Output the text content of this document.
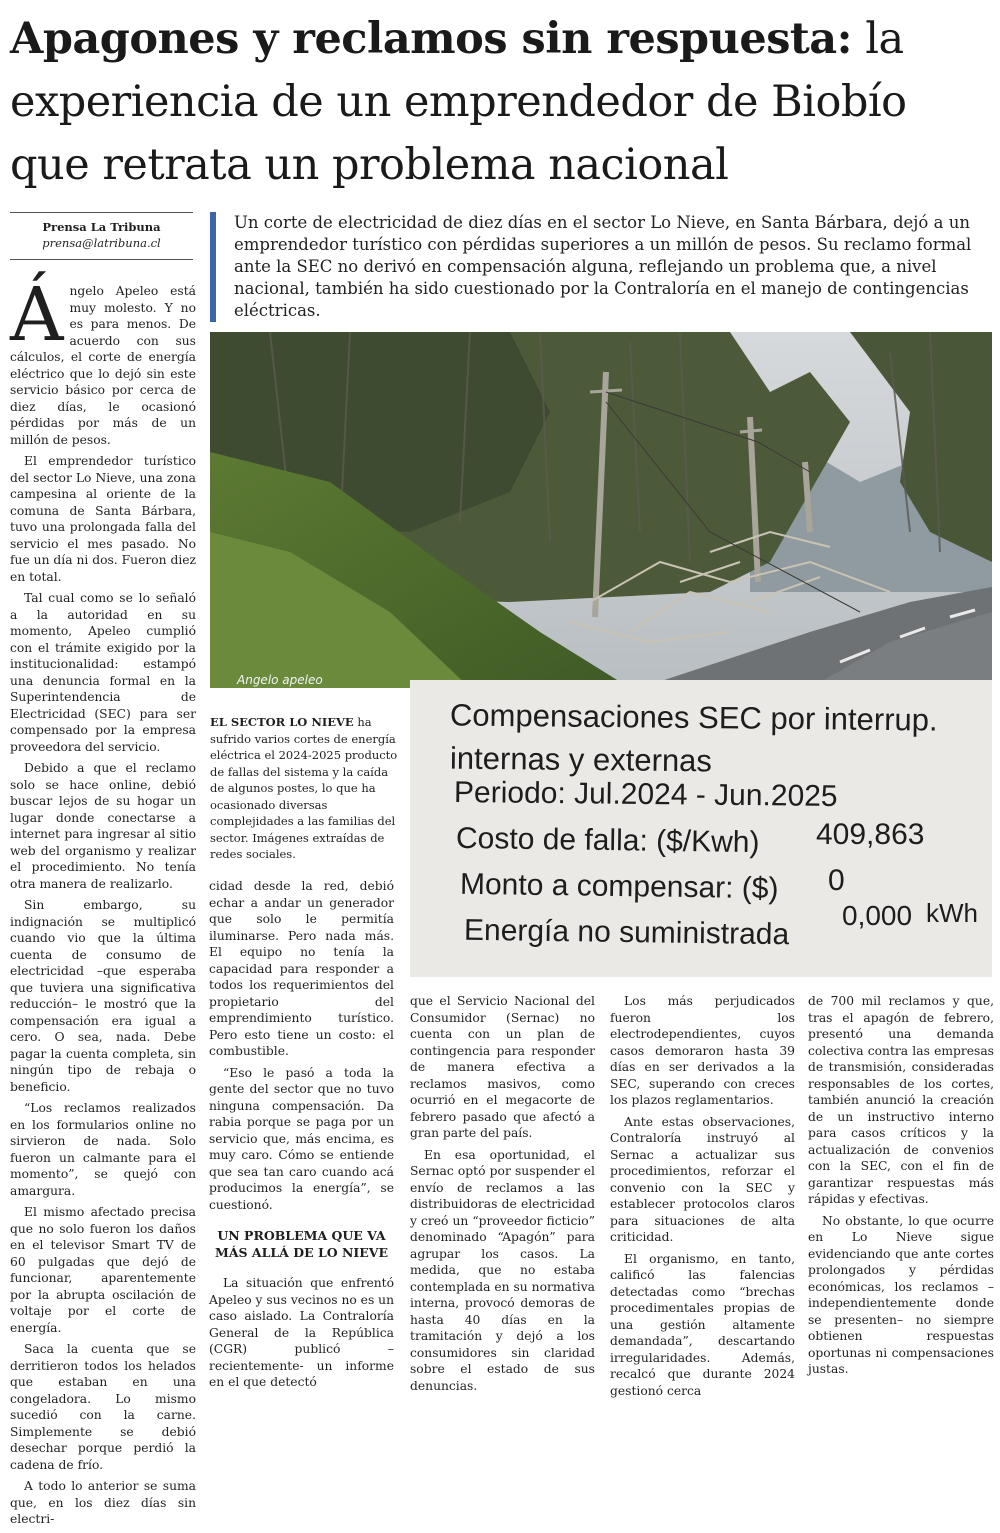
Apagones y reclamos sin respuesta: la
experiencia de un emprendedor de Biobío
que retrata un problema nacional
Prensa La Tribuna
prensa@latribuna.cl
Un corte de electricidad de diez días en el sector Lo Nieve, en Santa Bárbara, dejó a un emprendedor turístico con pérdidas superiores a un millón de pesos. Su reclamo formal ante la SEC no derivó en compensación alguna, reflejando un problema que, a nivel nacional, también ha sido cuestionado por la Contraloría en el manejo de contingencias eléctricas.
Angelo apeleo
EL SECTOR LO NIEVE ha sufrido varios cortes de energía eléctrica el 2024-2025 producto de fallas del sistema y la caída de algunos postes, lo que ha ocasionado diversas complejidades a las familias del sector. Imágenes extraídas de redes sociales.
Compensaciones SEC por interrup.
internas y externas
Periodo: Jul.2024 - Jun.2025
Costo de falla: ($/Kwh) 409,863
Monto a compensar: ($) 0
Energía no suministrada 0,000 kWh

Ángelo Apeleo está muy molesto. Y no es para menos. De acuerdo con sus cálculos, el corte de energía eléctrico que lo dejó sin este servicio básico por cerca de diez días, le ocasionó pérdidas por más de un millón de pesos.

El emprendedor turístico del sector Lo Nieve, una zona campesina al oriente de la comuna de Santa Bárbara, tuvo una prolongada falla del servicio el mes pasado. No fue un día ni dos. Fueron diez en total.

Tal cual como se lo señaló a la autoridad en su momento, Apeleo cumplió con el trámite exigido por la institucionalidad: estampó una denuncia formal en la Superintendencia de Electricidad (SEC) para ser compensado por la empresa proveedora del servicio.

Debido a que el reclamo solo se hace online, debió buscar lejos de su hogar un lugar donde conectarse a internet para ingresar al sitio web del organismo y realizar el procedimiento. No tenía otra manera de realizarlo.

Sin embargo, su indignación se multiplicó cuando vio que la última cuenta de consumo de electricidad –que esperaba que tuviera una significativa reducción– le mostró que la compensación era igual a cero. O sea, nada. Debe pagar la cuenta completa, sin ningún tipo de rebaja o beneficio.

“Los reclamos realizados en los formularios online no sirvieron de nada. Solo fueron un calmante para el momento”, se quejó con amargura.

El mismo afectado precisa que no solo fueron los daños en el televisor Smart TV de 60 pulgadas que dejó de funcionar, aparentemente por la abrupta oscilación de voltaje por el corte de energía.

Saca la cuenta que se derritieron todos los helados que estaban en una congeladora. Lo mismo sucedió con la carne. Simplemente se debió desechar porque perdió la cadena de frío.

A todo lo anterior se suma que, en los diez días sin electri-

cidad desde la red, debió echar a andar un generador que solo le permitía iluminarse. Pero nada más. El equipo no tenía la capacidad para responder a todos los requerimientos del propietario del emprendimiento turístico. Pero esto tiene un costo: el combustible.

“Eso le pasó a toda la gente del sector que no tuvo ninguna compensación. Da rabia porque se paga por un servicio que, más encima, es muy caro. Cómo se entiende que sea tan caro cuando acá producimos la energía”, se cuestionó.

UN PROBLEMA QUE VA MÁS ALLÁ DE LO NIEVE

La situación que enfrentó Apeleo y sus vecinos no es un caso aislado. La Contraloría General de la República (CGR) publicó –recientemente- un informe en el que detectó

que el Servicio Nacional del Consumidor (Sernac) no cuenta con un plan de contingencia para responder de manera efectiva a reclamos masivos, como ocurrió en el megacorte de febrero pasado que afectó a gran parte del país.

En esa oportunidad, el Sernac optó por suspender el envío de reclamos a las distribuidoras de electricidad y creó un “proveedor ficticio” denominado “Apagón” para agrupar los casos. La medida, que no estaba contemplada en su normativa interna, provocó demoras de hasta 40 días en la tramitación y dejó a los consumidores sin claridad sobre el estado de sus denuncias.

Los más perjudicados fueron los electrodependientes, cuyos casos demoraron hasta 39 días en ser derivados a la SEC, superando con creces los plazos reglamentarios.

Ante estas observaciones, Contraloría instruyó al Sernac a actualizar sus procedimientos, reforzar el convenio con la SEC y establecer protocolos claros para situaciones de alta criticidad.

El organismo, en tanto, calificó las falencias detectadas como “brechas procedimentales propias de una gestión altamente demandada”, descartando irregularidades. Además, recalcó que durante 2024 gestionó cerca

de 700 mil reclamos y que, tras el apagón de febrero, presentó una demanda colectiva contra las empresas de transmisión, consideradas responsables de los cortes, también anunció la creación de un instructivo interno para casos críticos y la actualización de convenios con la SEC, con el fin de garantizar respuestas más rápidas y efectivas.

No obstante, lo que ocurre en Lo Nieve sigue evidenciando que ante cortes prolongados y pérdidas económicas, los reclamos –independientemente donde se presenten– no siempre obtienen respuestas oportunas ni compensaciones justas.
